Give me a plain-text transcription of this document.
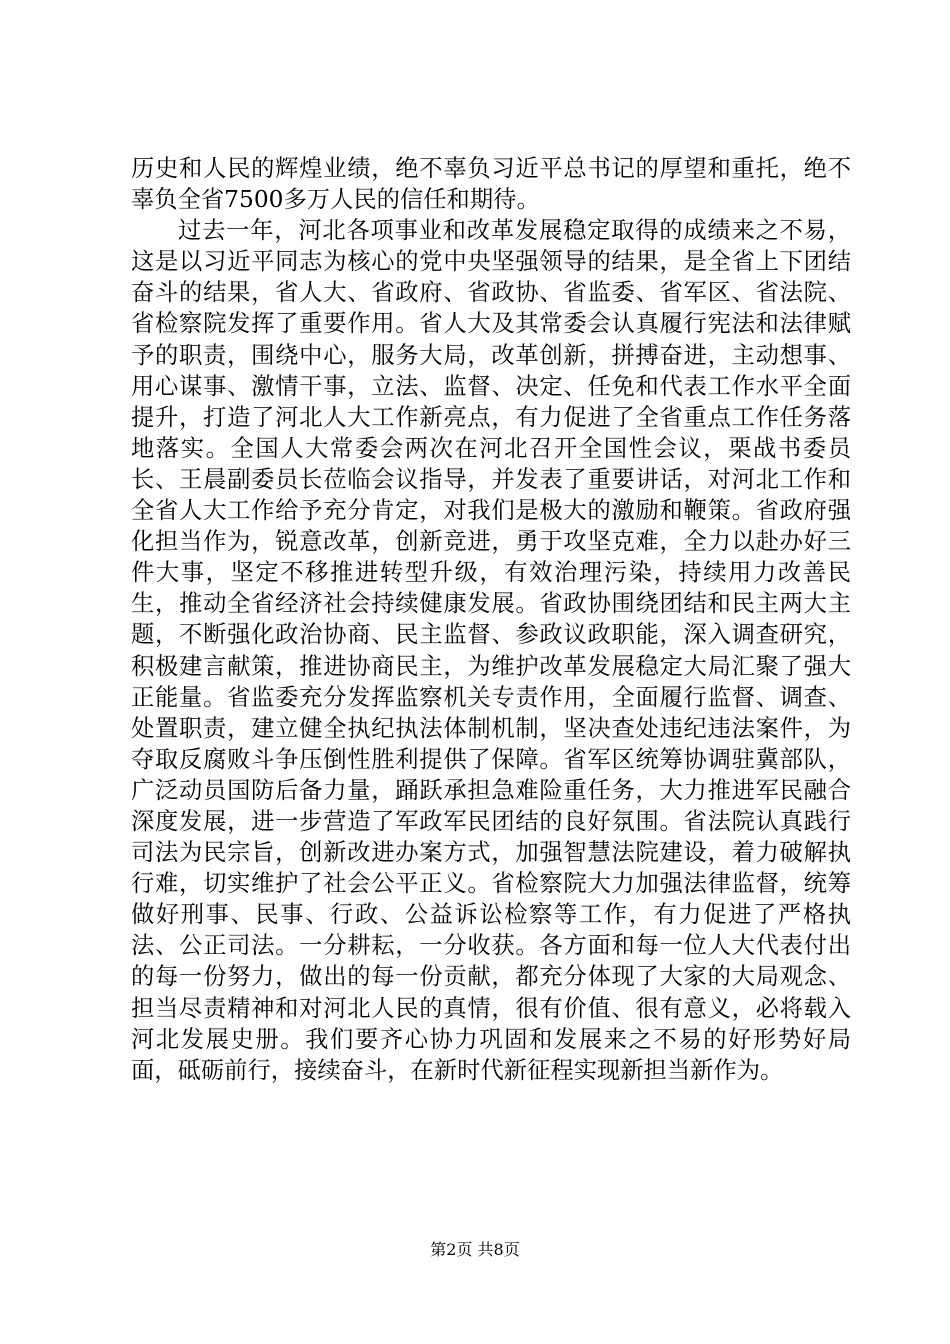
历史和人民的辉煌业绩，绝不辜负习近平总书记的厚望和重托，绝不辜负全省7500多万人民的信任和期待。

过去一年，河北各项事业和改革发展稳定取得的成绩来之不易，这是以习近平同志为核心的党中央坚强领导的结果，是全省上下团结奋斗的结果，省人大、省政府、省政协、省监委、省军区、省法院、省检察院发挥了重要作用。省人大及其常委会认真履行宪法和法律赋予的职责，围绕中心，服务大局，改革创新，拼搏奋进，主动想事、用心谋事、激情干事，立法、监督、决定、任免和代表工作水平全面提升，打造了河北人大工作新亮点，有力促进了全省重点工作任务落地落实。全国人大常委会两次在河北召开全国性会议，栗战书委员长、王晨副委员长莅临会议指导，并发表了重要讲话，对河北工作和全省人大工作给予充分肯定，对我们是极大的激励和鞭策。省政府强化担当作为，锐意改革，创新竞进，勇于攻坚克难，全力以赴办好三件大事，坚定不移推进转型升级，有效治理污染，持续用力改善民生，推动全省经济社会持续健康发展。省政协围绕团结和民主两大主题，不断强化政治协商、民主监督、参政议政职能，深入调查研究，积极建言献策，推进协商民主，为维护改革发展稳定大局汇聚了强大正能量。省监委充分发挥监察机关专责作用，全面履行监督、调查、处置职责，建立健全执纪执法体制机制，坚决查处违纪违法案件，为夺取反腐败斗争压倒性胜利提供了保障。省军区统筹协调驻冀部队，广泛动员国防后备力量，踊跃承担急难险重任务，大力推进军民融合深度发展，进一步营造了军政军民团结的良好氛围。省法院认真践行司法为民宗旨，创新改进办案方式，加强智慧法院建设，着力破解执行难，切实维护了社会公平正义。省检察院大力加强法律监督，统筹做好刑事、民事、行政、公益诉讼检察等工作，有力促进了严格执法、公正司法。一分耕耘，一分收获。各方面和每一位人大代表付出的每一份努力，做出的每一份贡献，都充分体现了大家的大局观念、担当尽责精神和对河北人民的真情，很有价值、很有意义，必将载入河北发展史册。我们要齐心协力巩固和发展来之不易的好形势好局面，砥砺前行，接续奋斗，在新时代新征程实现新担当新作为。

第2页 共8页
